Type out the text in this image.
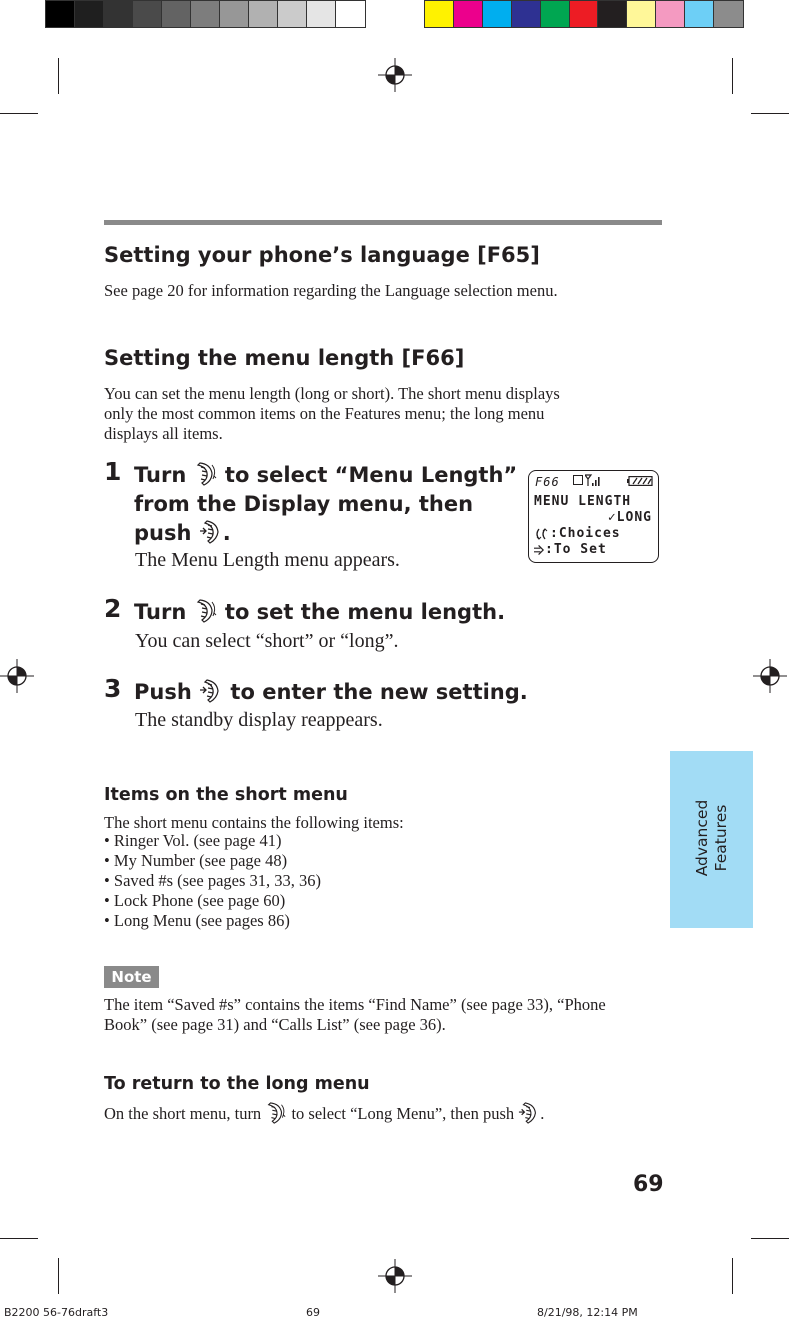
Setting your phone’s language [F65]
See page 20 for information regarding the Language selection menu.
Setting the menu length [F66]
You can set the menu length (long or short). The short menu displays
only the most common items on the Features menu; the long menu
displays all items.
1 Turn to select “Menu Length”
from the Display menu, then
push .
The Menu Length menu appears.
F66
MENU LENGTH
✓LONG
:Choices
:To Set
2 Turn to set the menu length.
You can select “short” or “long”.
3 Push to enter the new setting.
The standby display reappears.
Advanced Features
Items on the short menu
The short menu contains the following items:
• Ringer Vol. (see page 41)
• My Number (see page 48)
• Saved #s (see pages 31, 33, 36)
• Lock Phone (see page 60)
• Long Menu (see pages 86)
Note
The item “Saved #s” contains the items “Find Name” (see page 33), “Phone
Book” (see page 31) and “Calls List” (see page 36).
To return to the long menu
On the short menu, turn to select “Long Menu”, then push .
69
B2200 56-76draft3	69	8/21/98, 12:14 PM
